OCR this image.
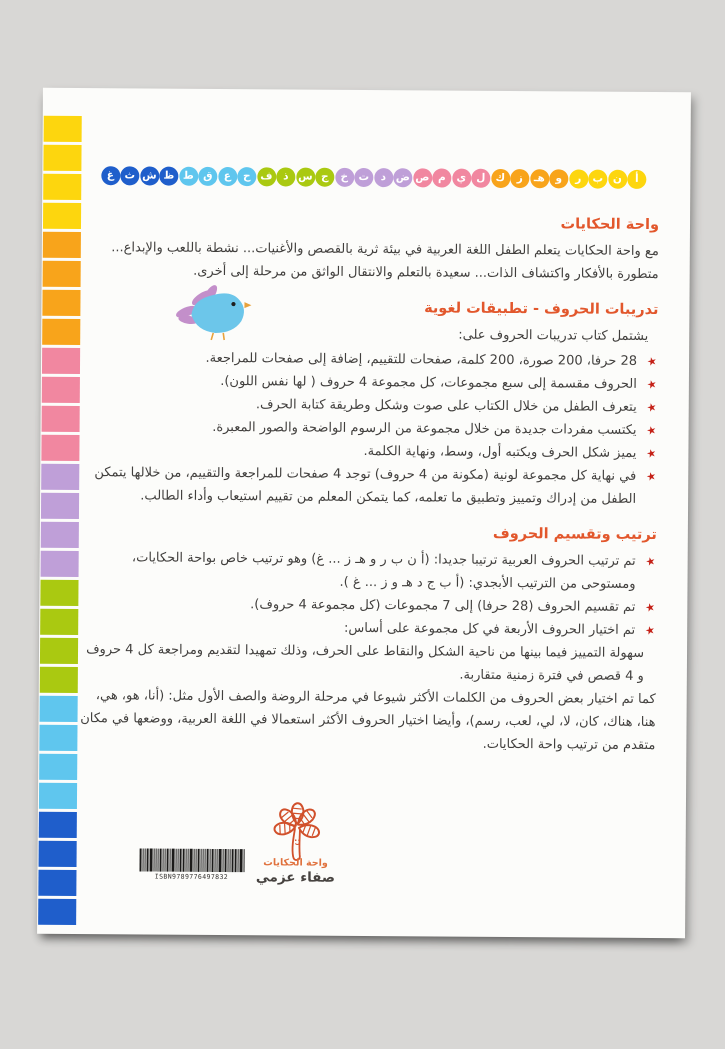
أ
ن
ب
ر
و
هـ
ز
ك
ل
ي
م
ص
ض
د
ت
خ
ج
س
ذ
ف
ح
ع
ق
ط
ظ
ش
ث
غ
واحة الحكايات

مع واحة الحكايات يتعلم الطفل اللغة العربية في بيئة ثرية بالقصص والأغنيات... نشطة باللعب والإبداع... متطورة بالأفكار واكتشاف الذات... سعيدة بالتعلم والانتقال الواثق من مرحلة إلى أخرى.

تدريبات الحروف - تطبيقات لغوية

يشتمل كتاب تدريبات الحروف على:

★
28 حرفا، 200 صورة، 200 كلمة، صفحات للتقييم، إضافة إلى صفحات للمراجعة.
★
الحروف مقسمة إلى سبع مجموعات، كل مجموعة 4 حروف ( لها نفس اللون).
★
يتعرف الطفل من خلال الكتاب على صوت وشكل وطريقة كتابة الحرف.
★
يكتسب مفردات جديدة من خلال مجموعة من الرسوم الواضحة والصور المعبرة.
★
يميز شكل الحرف ويكتبه أول، وسط، ونهاية الكلمة.
★
في نهاية كل مجموعة لونية (مكونة من 4 حروف) توجد 4 صفحات للمراجعة والتقييم، من خلالها يتمكن الطفل من إدراك وتمييز وتطبيق ما تعلمه، كما يتمكن المعلم من تقييم استيعاب وأداء الطالب.
ترتيب وتقسيم الحروف
★
تم ترتيب الحروف العربية ترتيبا جديدا: (أ ن ب ر و هـ ز ... غ) وهو ترتيب خاص بواحة الحكايات، ومستوحى من الترتيب الأبجدي: (أ ب ج د هـ و ز ... غ ).
★
تم تقسيم الحروف (28 حرفا) إلى 7 مجموعات (كل مجموعة 4 حروف).
★
تم اختيار الحروف الأربعة في كل مجموعة على أساس:

سهولة التمييز فيما بينها من ناحية الشكل والنقاط على الحرف، وذلك تمهيدا لتقديم ومراجعة كل 4 حروف و 4 قصص في فترة زمنية متقاربة.

كما تم اختيار بعض الحروف من الكلمات الأكثر شيوعا في مرحلة الروضة والصف الأول مثل: (أنا، هو، هي، هنا، هناك، كان، لا، لي، لعب، رسم)، وأيضا اختيار الحروف الأكثر استعمالا في اللغة العربية، ووضعها في مكان متقدم من ترتيب واحة الحكايات.

ISBN9789776497832
واحة الحكايات
صفاء عزمي
